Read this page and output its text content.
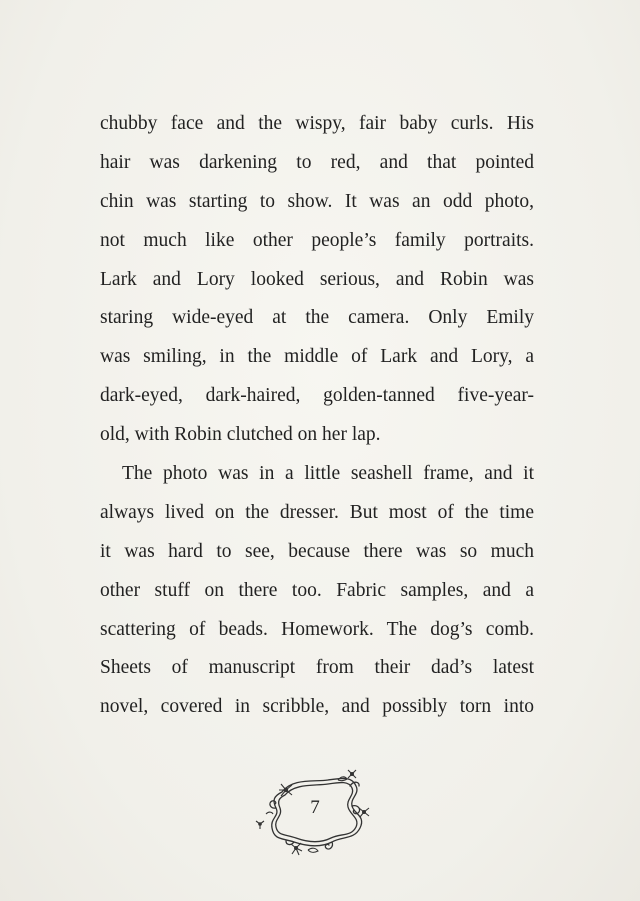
chubby face and the wispy, fair baby curls. His
hair was darkening to red, and that pointed
chin was starting to show. It was an odd photo,
not much like other people’s family portraits.
Lark and Lory looked serious, and Robin was
staring wide-eyed at the camera. Only Emily
was smiling, in the middle of Lark and Lory, a
dark-eyed, dark-haired, golden-tanned five-year-
old, with Robin clutched on her lap.
The photo was in a little seashell frame, and it
always lived on the dresser. But most of the time
it was hard to see, because there was so much
other stuff on there too. Fabric samples, and a
scattering of beads. Homework. The dog’s comb.
Sheets of manuscript from their dad’s latest
novel, covered in scribble, and possibly torn into
7
